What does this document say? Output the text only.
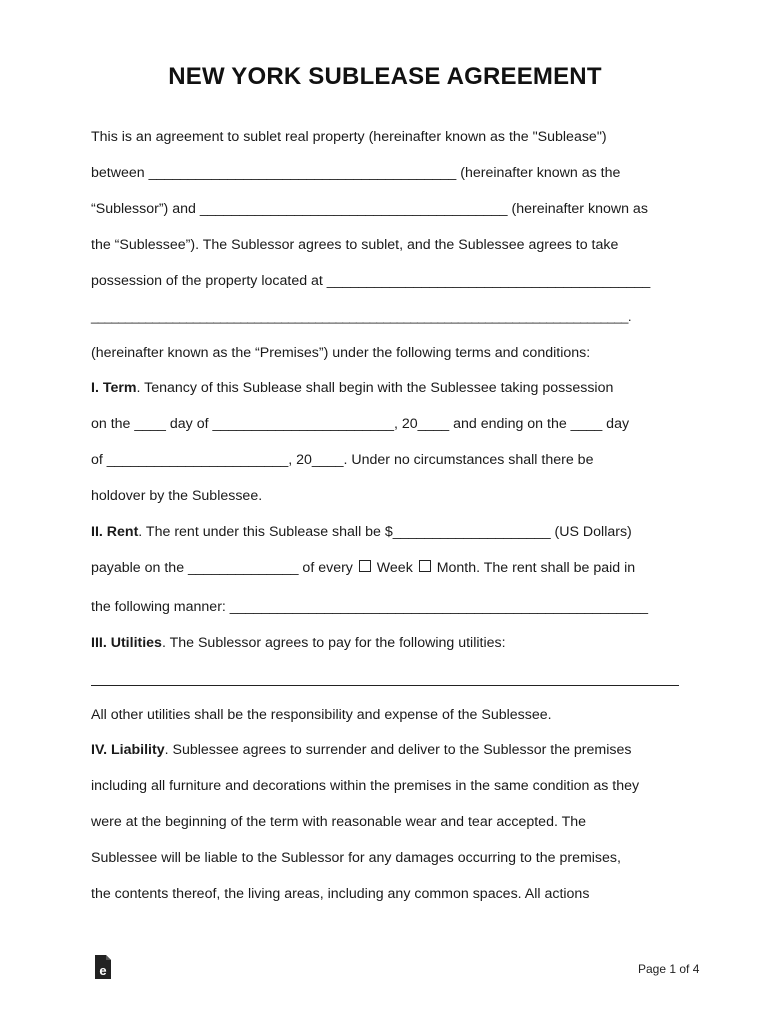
NEW YORK SUBLEASE AGREEMENT
This is an agreement to sublet real property (hereinafter known as the "Sublease")
between _______________________________________ (hereinafter known as the
“Sublessor”) and _______________________________________ (hereinafter known as
the “Sublessee”). The Sublessor agrees to sublet, and the Sublessee agrees to take
possession of the property located at _________________________________________
_______________________________________________________________________________.
(hereinafter known as the “Premises”) under the following terms and conditions:
I. Term. Tenancy of this Sublease shall begin with the Sublessee taking possession
on the ____ day of _______________________, 20____ and ending on the ____ day
of _______________________, 20____. Under no circumstances shall there be
holdover by the Sublessee.
II. Rent. The rent under this Sublease shall be $____________________ (US Dollars)
payable on the ______________ of every  Week  Month. The rent shall be paid in
the following manner: _____________________________________________________
III. Utilities. The Sublessor agrees to pay for the following utilities:
All other utilities shall be the responsibility and expense of the Sublessee.
IV. Liability. Sublessee agrees to surrender and deliver to the Sublessor the premises
including all furniture and decorations within the premises in the same condition as they
were at the beginning of the term with reasonable wear and tear accepted. The
Sublessee will be liable to the Sublessor for any damages occurring to the premises,
the contents thereof, the living areas, including any common spaces. All actions
e	Page 1 of 4
